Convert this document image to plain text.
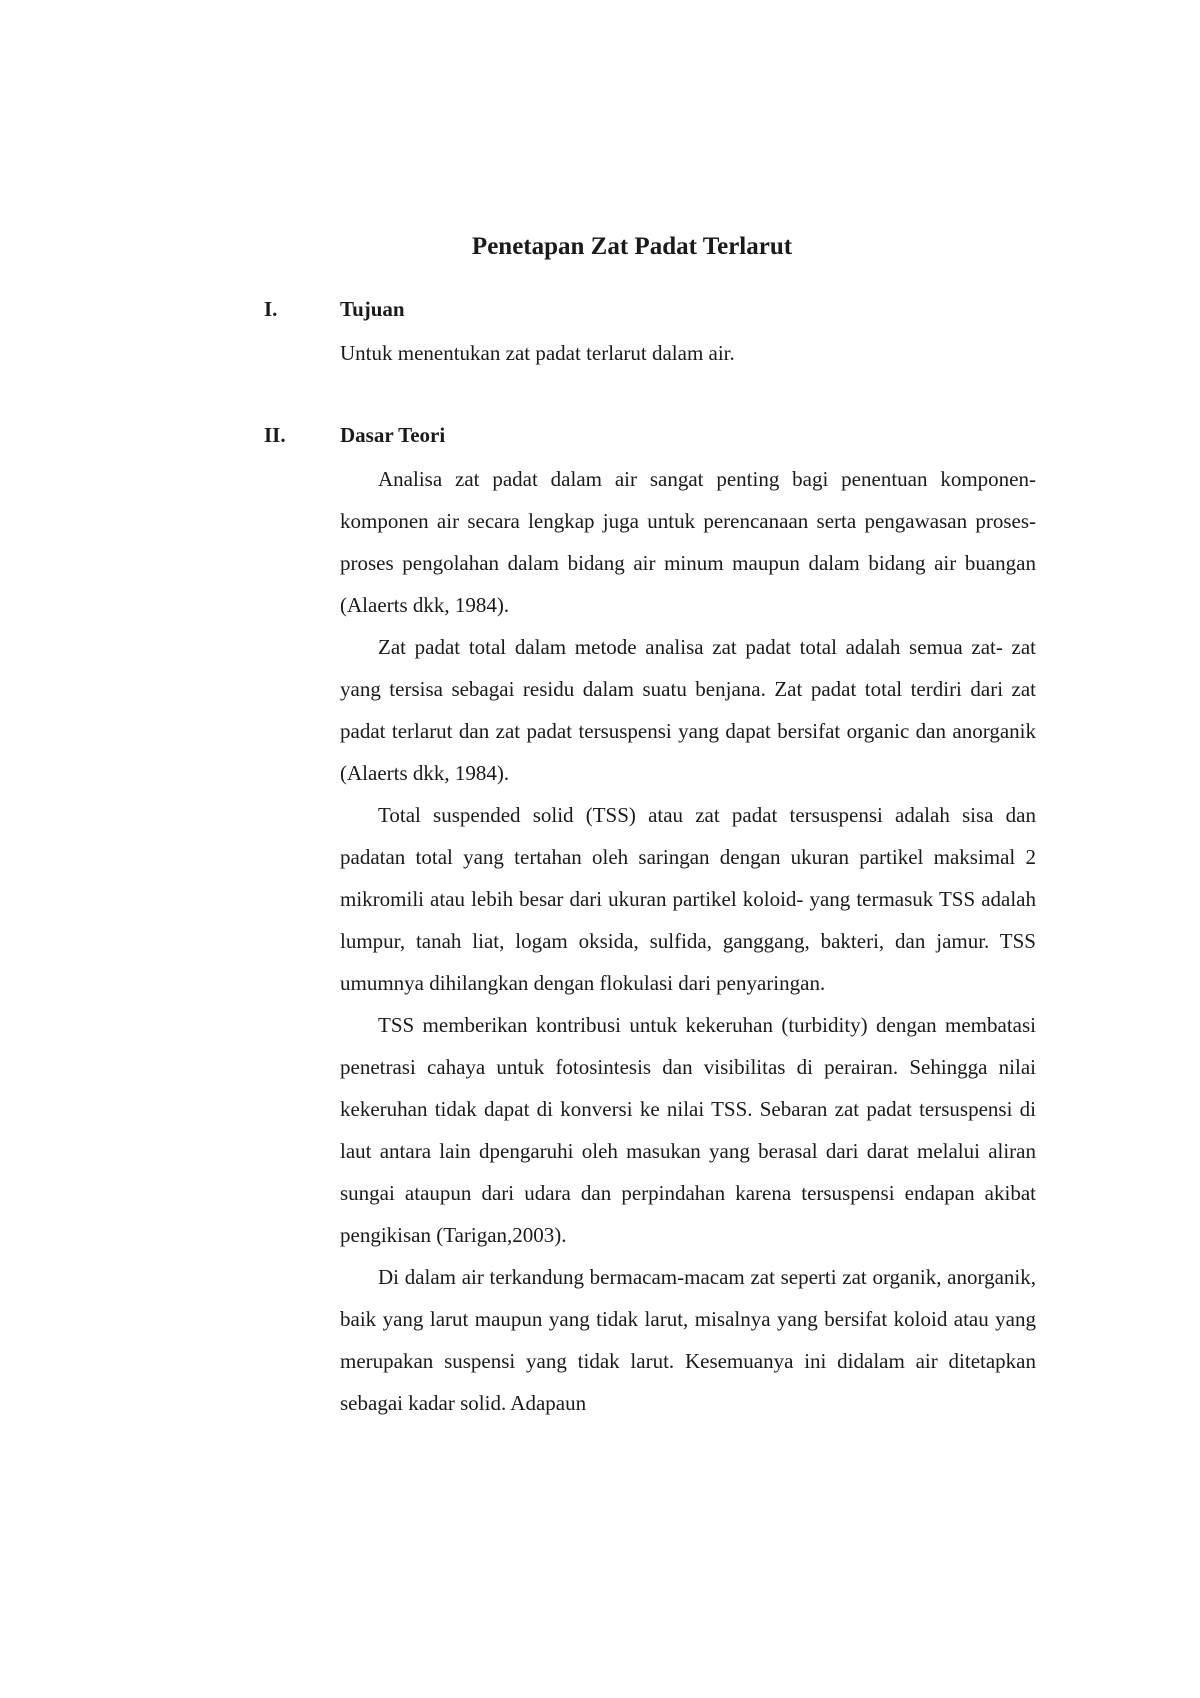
Penetapan Zat Padat Terlarut
I.	Tujuan

Untuk menentukan zat padat terlarut dalam air.

II.	Dasar Teori

Analisa zat padat dalam air sangat penting bagi penentuan komponen- komponen air secara lengkap juga untuk perencanaan serta pengawasan proses- proses pengolahan dalam bidang air minum maupun dalam bidang air buangan (Alaerts dkk, 1984).

Zat padat total dalam metode analisa zat padat total adalah semua zat- zat yang tersisa sebagai residu dalam suatu benjana. Zat padat total terdiri dari zat padat terlarut dan zat padat tersuspensi yang dapat bersifat organic dan anorganik (Alaerts dkk, 1984).

Total suspended solid (TSS) atau zat padat tersuspensi adalah sisa dan padatan total yang tertahan oleh saringan dengan ukuran partikel maksimal 2 mikromili atau lebih besar dari ukuran partikel koloid- yang termasuk TSS adalah lumpur, tanah liat, logam oksida, sulfida, ganggang, bakteri, dan jamur. TSS umumnya dihilangkan dengan flokulasi dari penyaringan.

TSS memberikan kontribusi untuk kekeruhan (turbidity) dengan membatasi penetrasi cahaya untuk fotosintesis dan visibilitas di perairan. Sehingga nilai kekeruhan tidak dapat di konversi ke nilai TSS. Sebaran zat padat tersuspensi di laut antara lain dpengaruhi oleh masukan yang berasal dari darat melalui aliran sungai ataupun dari udara dan perpindahan karena tersuspensi endapan akibat pengikisan (Tarigan,2003).

Di dalam air terkandung bermacam-macam zat seperti zat organik, anorganik, baik yang larut maupun yang tidak larut, misalnya yang bersifat koloid atau yang merupakan suspensi yang tidak larut. Kesemuanya ini didalam air ditetapkan sebagai kadar solid. Adapaun
